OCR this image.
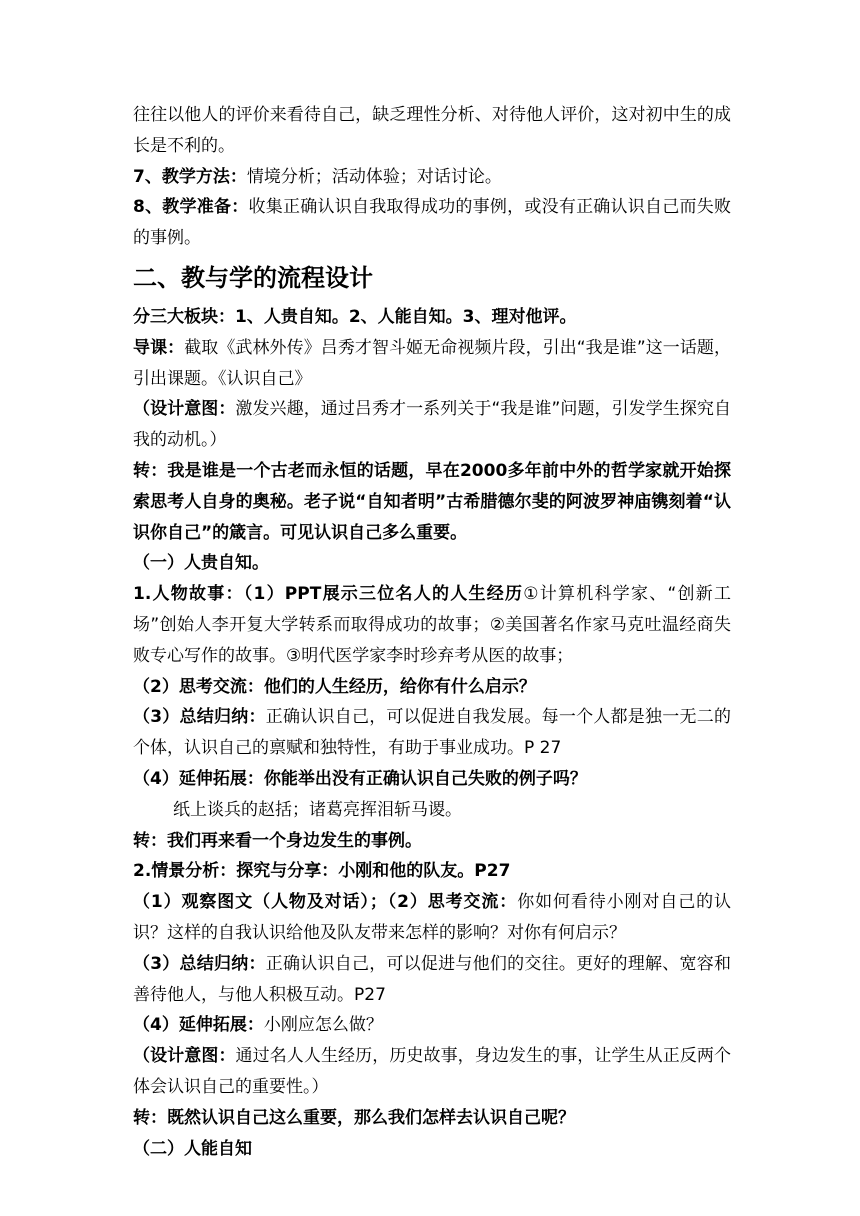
往往以他人的评价来看待自己，缺乏理性分析、对待他人评价，这对初中生的成长是不利的。

7、教学方法：情境分析；活动体验；对话讨论。

8、教学准备：收集正确认识自我取得成功的事例，或没有正确认识自己而失败的事例。

二、教与学的流程设计

分三大板块：1、人贵自知。2、人能自知。3、理对他评。

导课：截取《武林外传》吕秀才智斗姬无命视频片段，引出“我是谁”这一话题，引出课题。《认识自己》

（设计意图：激发兴趣，通过吕秀才一系列关于“我是谁”问题，引发学生探究自我的动机。）

转：我是谁是一个古老而永恒的话题，早在2000多年前中外的哲学家就开始探索思考人自身的奥秘。老子说“自知者明”古希腊德尔斐的阿波罗神庙镌刻着“认识你自己”的箴言。可见认识自己多么重要。

（一）人贵自知。

1.人物故事：（1）PPT展示三位名人的人生经历①计算机科学家、“创新工场”创始人李开复大学转系而取得成功的故事；②美国著名作家马克吐温经商失败专心写作的故事。③明代医学家李时珍弃考从医的故事；

（2）思考交流：他们的人生经历，给你有什么启示？

（3）总结归纳：正确认识自己，可以促进自我发展。每一个人都是独一无二的个体，认识自己的禀赋和独特性，有助于事业成功。P 27

（4）延伸拓展：你能举出没有正确认识自己失败的例子吗？

纸上谈兵的赵括；诸葛亮挥泪斩马谡。

转：我们再来看一个身边发生的事例。

2.情景分析：探究与分享：小刚和他的队友。P27

（1）观察图文（人物及对话）；（2）思考交流：你如何看待小刚对自己的认识？这样的自我认识给他及队友带来怎样的影响？对你有何启示？

（3）总结归纳：正确认识自己，可以促进与他们的交往。更好的理解、宽容和善待他人，与他人积极互动。P27

（4）延伸拓展：小刚应怎么做？

（设计意图：通过名人人生经历，历史故事，身边发生的事，让学生从正反两个体会认识自己的重要性。）

转：既然认识自己这么重要，那么我们怎样去认识自己呢？

（二）人能自知
